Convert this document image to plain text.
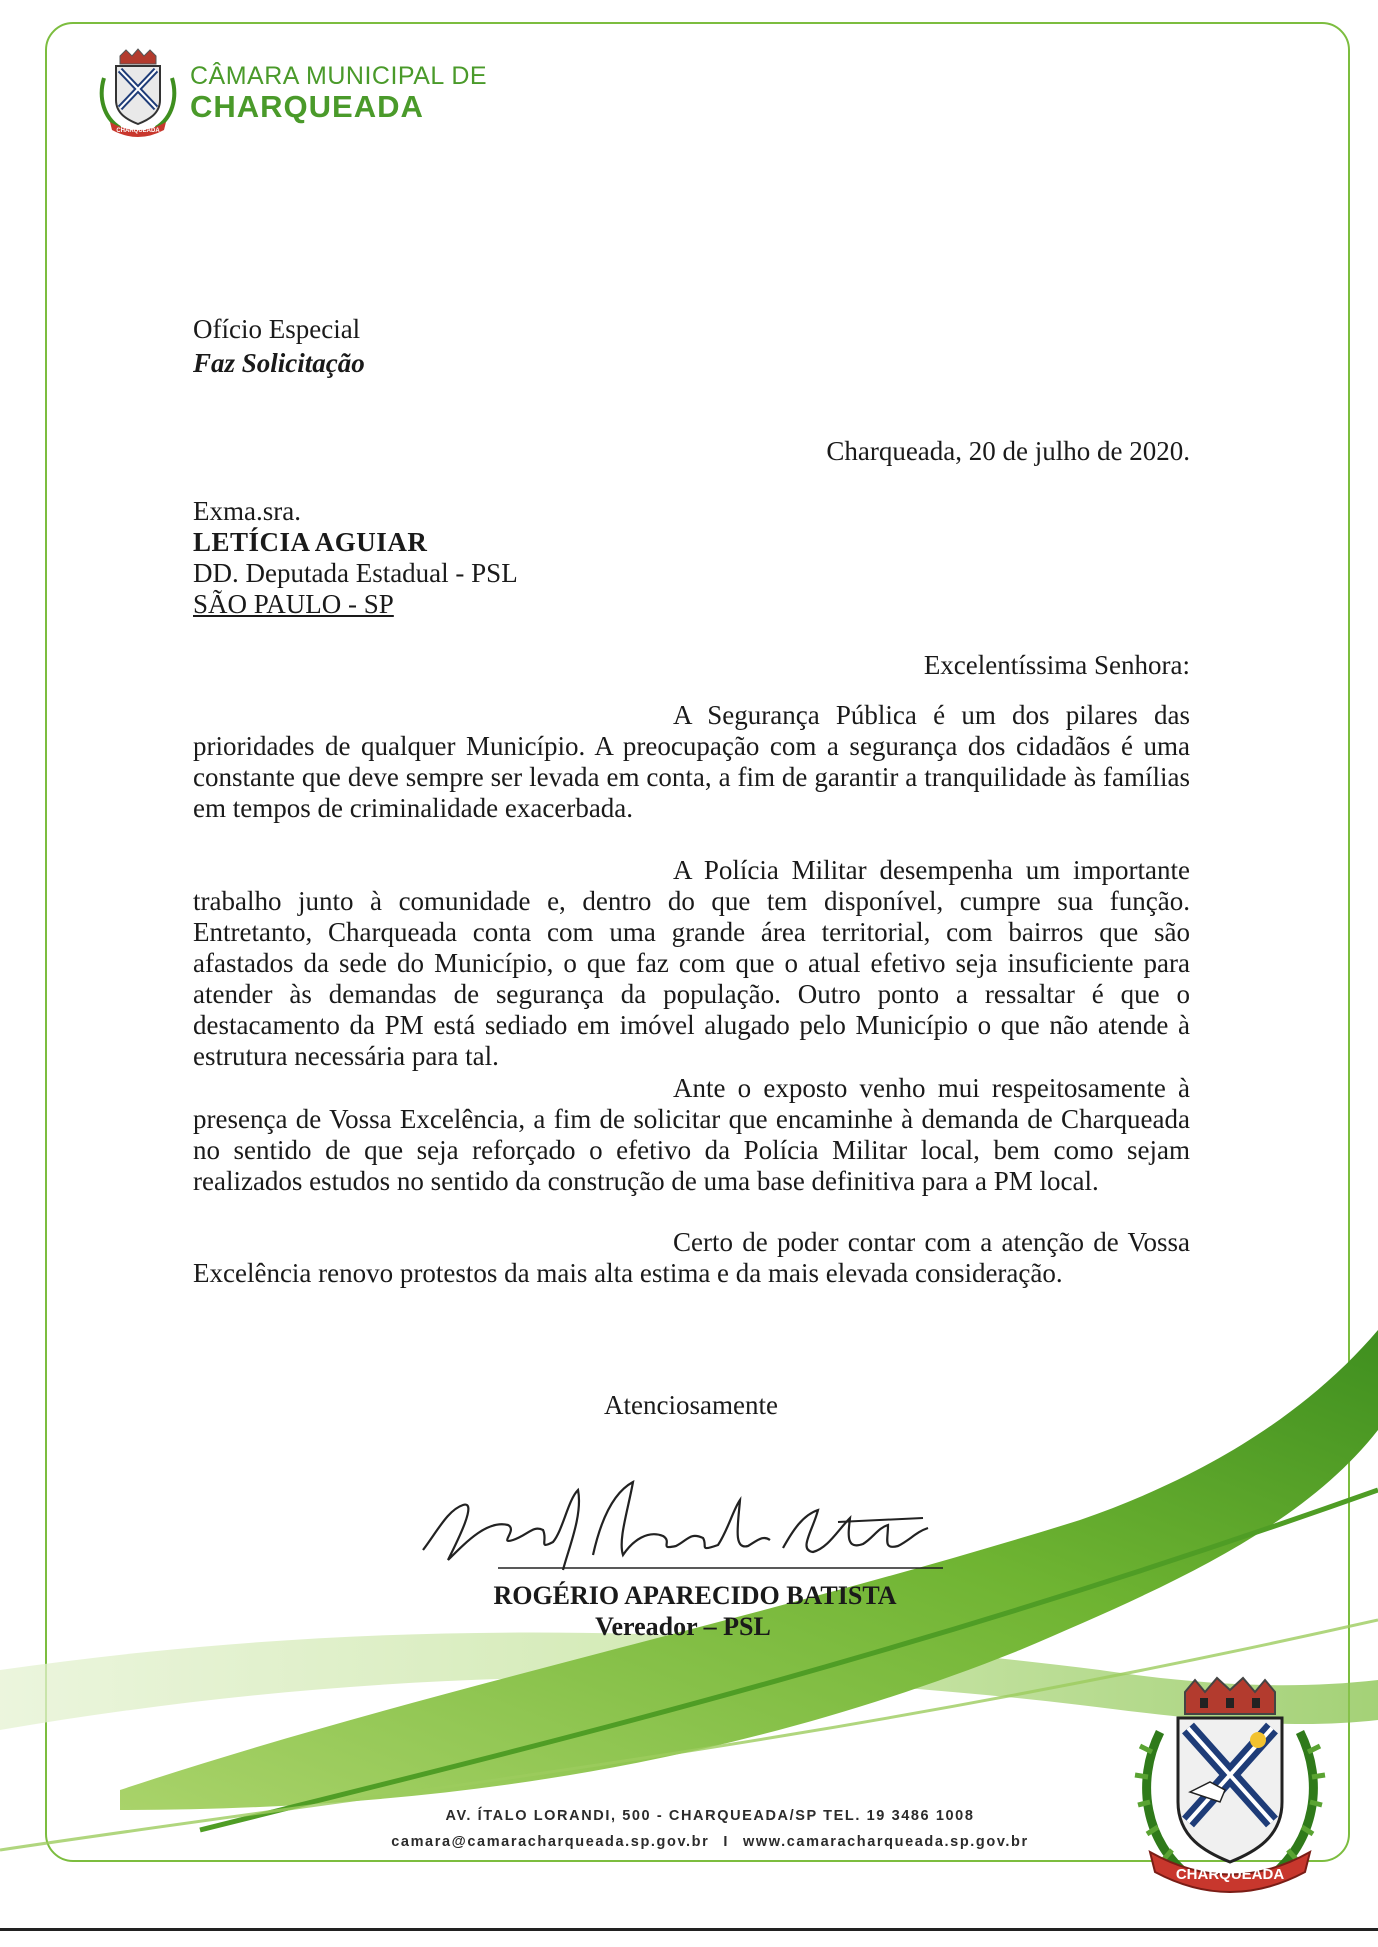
CHARQUEADA
CÂMARA MUNICIPAL DE
CHARQUEADA
Ofício Especial
Faz Solicitação
Charqueada, 20 de julho de 2020.
Exma.sra.
LETÍCIA AGUIAR
DD. Deputada Estadual - PSL
SÃO PAULO - SP
Excelentíssima Senhora:

A Segurança Pública é um dos pilares das prioridades de qualquer Município. A preocupação com a segurança dos cidadãos é uma constante que deve sempre ser levada em conta, a fim de garantir a tranquilidade às famílias em tempos de criminalidade exacerbada.

A Polícia Militar desempenha um importante trabalho junto à comunidade e, dentro do que tem disponível, cumpre sua função. Entretanto, Charqueada conta com uma grande área territorial, com bairros que são afastados da sede do Município, o que faz com que o atual efetivo seja insuficiente para atender às demandas de segurança da população. Outro ponto a ressaltar é que o destacamento da PM está sediado em imóvel alugado pelo Município o que não atende à estrutura necessária para tal.

Ante o exposto venho mui respeitosamente à presença de Vossa Excelência, a fim de solicitar que encaminhe à demanda de Charqueada no sentido de que seja reforçado o efetivo da Polícia Militar local, bem como sejam realizados estudos no sentido da construção de uma base definitiva para a PM local.

Certo de poder contar com a atenção de Vossa Excelência renovo protestos da mais alta estima e da mais elevada consideração.

Atenciosamente
ROGÉRIO APARECIDO BATISTA
Vereador – PSL
CHARQUEADA
AV. ÍTALO LORANDI, 500 - CHARQUEADA/SP TEL. 19 3486 1008
camara@camaracharqueada.sp.gov.br I www.camaracharqueada.sp.gov.br
